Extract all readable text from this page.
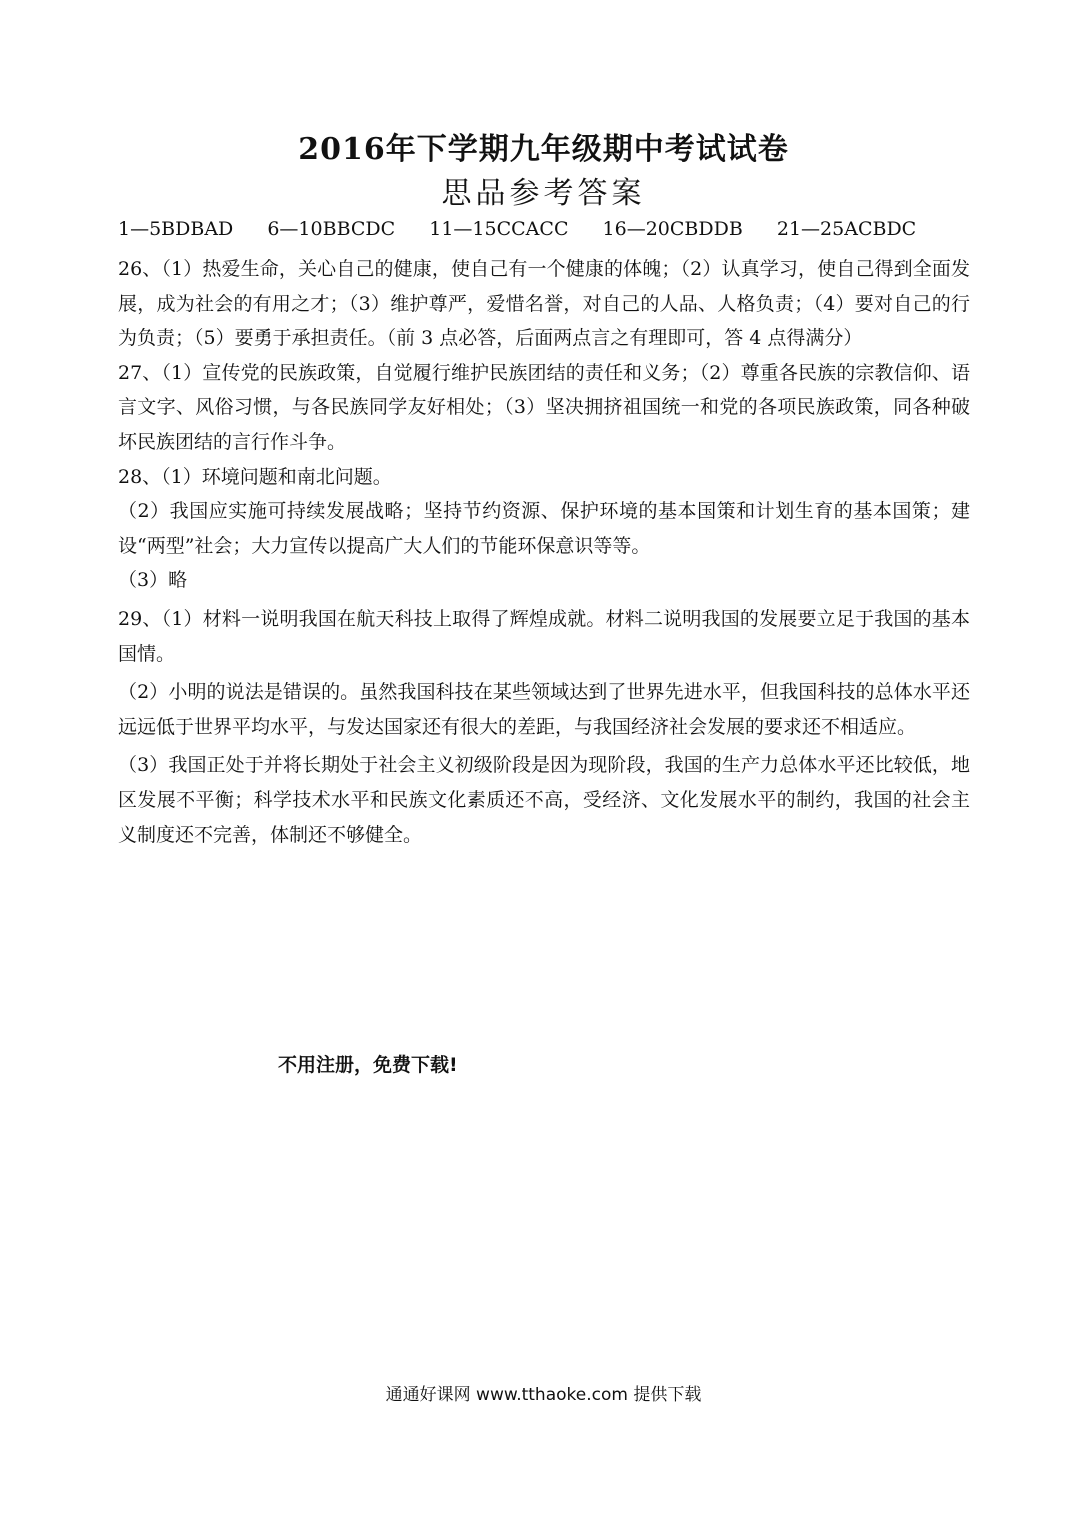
2016年下学期九年级期中考试试卷
思品参考答案
1—5BDBAD 6—10BBCDC 11—15CCACC 16—20CBDDB 21—25ACBDC

26、（1）热爱生命，关心自己的健康，使自己有一个健康的体魄；（2）认真学习，使自己得到全面发展，成为社会的有用之才；（3）维护尊严，爱惜名誉，对自己的人品、人格负责；（4）要对自己的行为负责；（5）要勇于承担责任。（前 3 点必答，后面两点言之有理即可，答 4 点得满分）

27、（1）宣传党的民族政策，自觉履行维护民族团结的责任和义务；（2）尊重各民族的宗教信仰、语言文字、风俗习惯，与各民族同学友好相处；（3）坚决拥挤祖国统一和党的各项民族政策，同各种破坏民族团结的言行作斗争。

28、（1）环境问题和南北问题。

（2）我国应实施可持续发展战略；坚持节约资源、保护环境的基本国策和计划生育的基本国策；建设“两型”社会；大力宣传以提高广大人们的节能环保意识等等。

（3）略

29、（1）材料一说明我国在航天科技上取得了辉煌成就。材料二说明我国的发展要立足于我国的基本国情。

（2）小明的说法是错误的。虽然我国科技在某些领域达到了世界先进水平，但我国科技的总体水平还远远低于世界平均水平，与发达国家还有很大的差距，与我国经济社会发展的要求还不相适应。

（3）我国正处于并将长期处于社会主义初级阶段是因为现阶段，我国的生产力总体水平还比较低，地区发展不平衡；科学技术水平和民族文化素质还不高，受经济、文化发展水平的制约，我国的社会主义制度还不完善，体制还不够健全。

不用注册，免费下载!
通通好课网 www.tthaoke.com 提供下载
